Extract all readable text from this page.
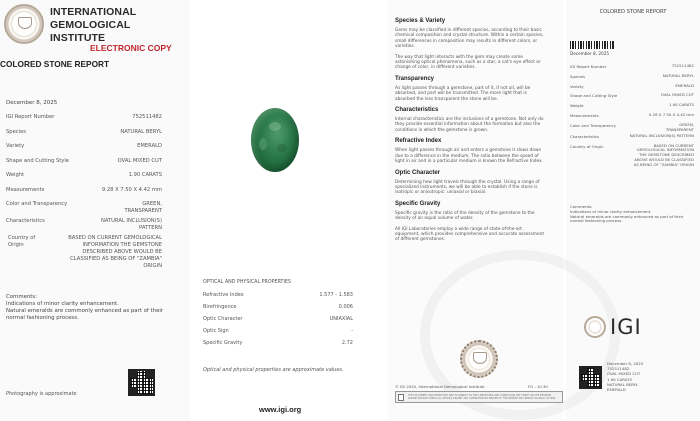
INTERNATIONAL
GEMOLOGICAL
INSTITUTE
ELECTRONIC COPY
COLORED STONE REPORT
December 8, 2025
IGI Report Number	752511482
Species	NATURAL BERYL
Variety	EMERALD
Shape and Cutting Style	OVAL MIXED CUT
Weight	1.90 CARATS
Measurements	9.28 X 7.50 X 4.42 mm
Color and Transparency	GREEN,
TRANSPARENT
Characteristics	NATURAL INCLUSION(S)
PATTERN
Country of
Origin
BASED ON CURRENT GEMOLOGICAL
INFORMATION THE GEMSTONE
DESCRIBED ABOVE WOULD BE
CLASSIFIED AS BEING OF "ZAMBIA"
ORIGIN
Comments:
Indications of minor clarity enhancement.
Natural emeralds are commonly enhanced as part of their normal fashioning process.
Photography is approximate
OPTICAL AND PHYSICAL PROPERTIES
Refractive Index	1.577 - 1.583
Birefringence	0.006
Optic Character	UNIAXIAL
Optic Sign	-
Specific Gravity	2.72
Optical and physical properties are approximate values.
www.igi.org
Species & Variety
Gems may be classified in different species, according to their basic chemical composition and crystal structure. Within a certain species, small differences in composition may results in different colors, or varieties.
The way that light interacts with the gem may create some astonishing optical phenomena, such as a star, a cat's eye effect or change of color, in different varieties.
Transparency
As light passes through a gemstone, part of it, if not all, will be absorbed, and part will be transmitted. The more light that is absorbed the less transparent the stone will be.
Characteristics
Internal characteristics are the inclusions of a gemstone. Not only do they provide essential information about the formation but also the conditions in which the gemstone is grown.
Refractive Index
When light passes through air and enters a gemstone it slows down due to a difference in the medium. The ratio between the speed of light in air and in a particular medium is known the Refractive Index.
Optic Character
Determining how light travels through the crystal. Using a range of specialized instruments, we will be able to establish if the stone is isotropic or anisotropic: uniaxial or biaxial.
Specific Gravity
Specific gravity is the ratio of the density of the gemstone to the density of an equal volume of water.
All IGI Laboratories employ a wide range of state-of-the-art equipment, which provides comprehensive and accurate assessment of different gemstones.
© IGI 2020, International Gemological Institute	FO - 10.30
THE DOCUMENT WAS PRODUCED AND IS SUBJECT TO THE LIMITATIONS AND CONDITIONS SET FORTH ON THE REVERSE. PLEASE DOUBLE CHECK ALL DETAILS ONLINE. ANY ALTERATION OR MISUSE OF THIS REPORT MAY RESULT IN LEGAL ACTION.
COLORED STONE REPORT
December 8, 2025
IGI Report Number	752511482
Species	NATURAL BERYL
Variety	EMERALD
Shape and Cutting Style	OVAL MIXED CUT
Weight	1.90 CARATS
Measurements	9.28 X 7.50 X 4.42 mm
Color and Transparency	GREEN,
TRANSPARENT
Characteristics	NATURAL INCLUSION(S) PATTERN
Country of Origin	BASED ON CURRENT
GEMOLOGICAL INFORMATION
THE GEMSTONE DESCRIBED
ABOVE WOULD BE CLASSIFIED
AS BEING OF "ZAMBIA" ORIGIN
Comments:
Indications of minor clarity enhancement.
Natural emeralds are commonly enhanced as part of their normal fashioning process.
IGI
December 8, 2025
752511482
OVAL MIXED CUT
1.90 CARATS
NATURAL BERYL
EMERALD
